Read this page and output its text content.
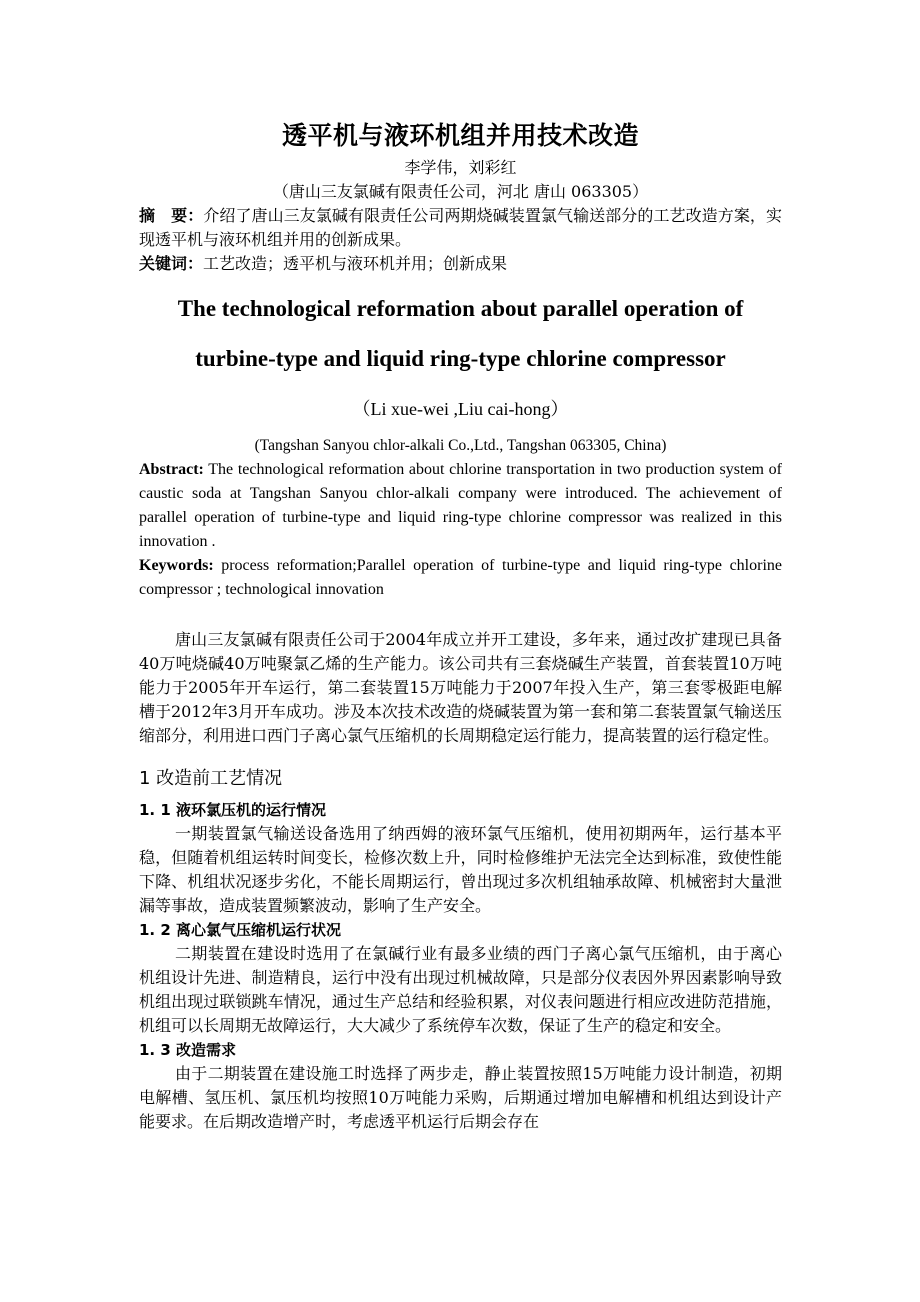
透平机与液环机组并用技术改造
李学伟，刘彩红
（唐山三友氯碱有限责任公司，河北 唐山 063305）
摘　要：介绍了唐山三友氯碱有限责任公司两期烧碱装置氯气输送部分的工艺改造方案，实现透平机与液环机组并用的创新成果。
关键词：工艺改造；透平机与液环机并用；创新成果
The technological reformation about parallel operation of
turbine-type and liquid ring-type chlorine compressor
（Li xue-wei ,Liu cai-hong）
(Tangshan Sanyou chlor-alkali Co.,Ltd., Tangshan 063305, China)
Abstract: The technological reformation about chlorine transportation in two production system of caustic soda at Tangshan Sanyou chlor-alkali company were introduced. The achievement of parallel operation of turbine-type and liquid ring-type chlorine compressor was realized in this innovation .
Keywords: process reformation;Parallel operation of turbine-type and liquid ring-type chlorine compressor ; technological innovation
唐山三友氯碱有限责任公司于2004年成立并开工建设，多年来，通过改扩建现已具备40万吨烧碱40万吨聚氯乙烯的生产能力。该公司共有三套烧碱生产装置，首套装置10万吨能力于2005年开车运行，第二套装置15万吨能力于2007年投入生产，第三套零极距电解槽于2012年3月开车成功。涉及本次技术改造的烧碱装置为第一套和第二套装置氯气输送压缩部分，利用进口西门子离心氯气压缩机的长周期稳定运行能力，提高装置的运行稳定性。
1 改造前工艺情况
1. 1 液环氯压机的运行情况
一期装置氯气输送设备选用了纳西姆的液环氯气压缩机，使用初期两年，运行基本平稳，但随着机组运转时间变长，检修次数上升，同时检修维护无法完全达到标准，致使性能下降、机组状况逐步劣化，不能长周期运行，曾出现过多次机组轴承故障、机械密封大量泄漏等事故，造成装置频繁波动，影响了生产安全。
1. 2 离心氯气压缩机运行状况
二期装置在建设时选用了在氯碱行业有最多业绩的西门子离心氯气压缩机，由于离心机组设计先进、制造精良，运行中没有出现过机械故障，只是部分仪表因外界因素影响导致机组出现过联锁跳车情况，通过生产总结和经验积累，对仪表问题进行相应改进防范措施，机组可以长周期无故障运行，大大减少了系统停车次数，保证了生产的稳定和安全。
1. 3 改造需求
由于二期装置在建设施工时选择了两步走，静止装置按照15万吨能力设计制造，初期电解槽、氢压机、氯压机均按照10万吨能力采购，后期通过增加电解槽和机组达到设计产能要求。在后期改造增产时，考虑透平机运行后期会存在
